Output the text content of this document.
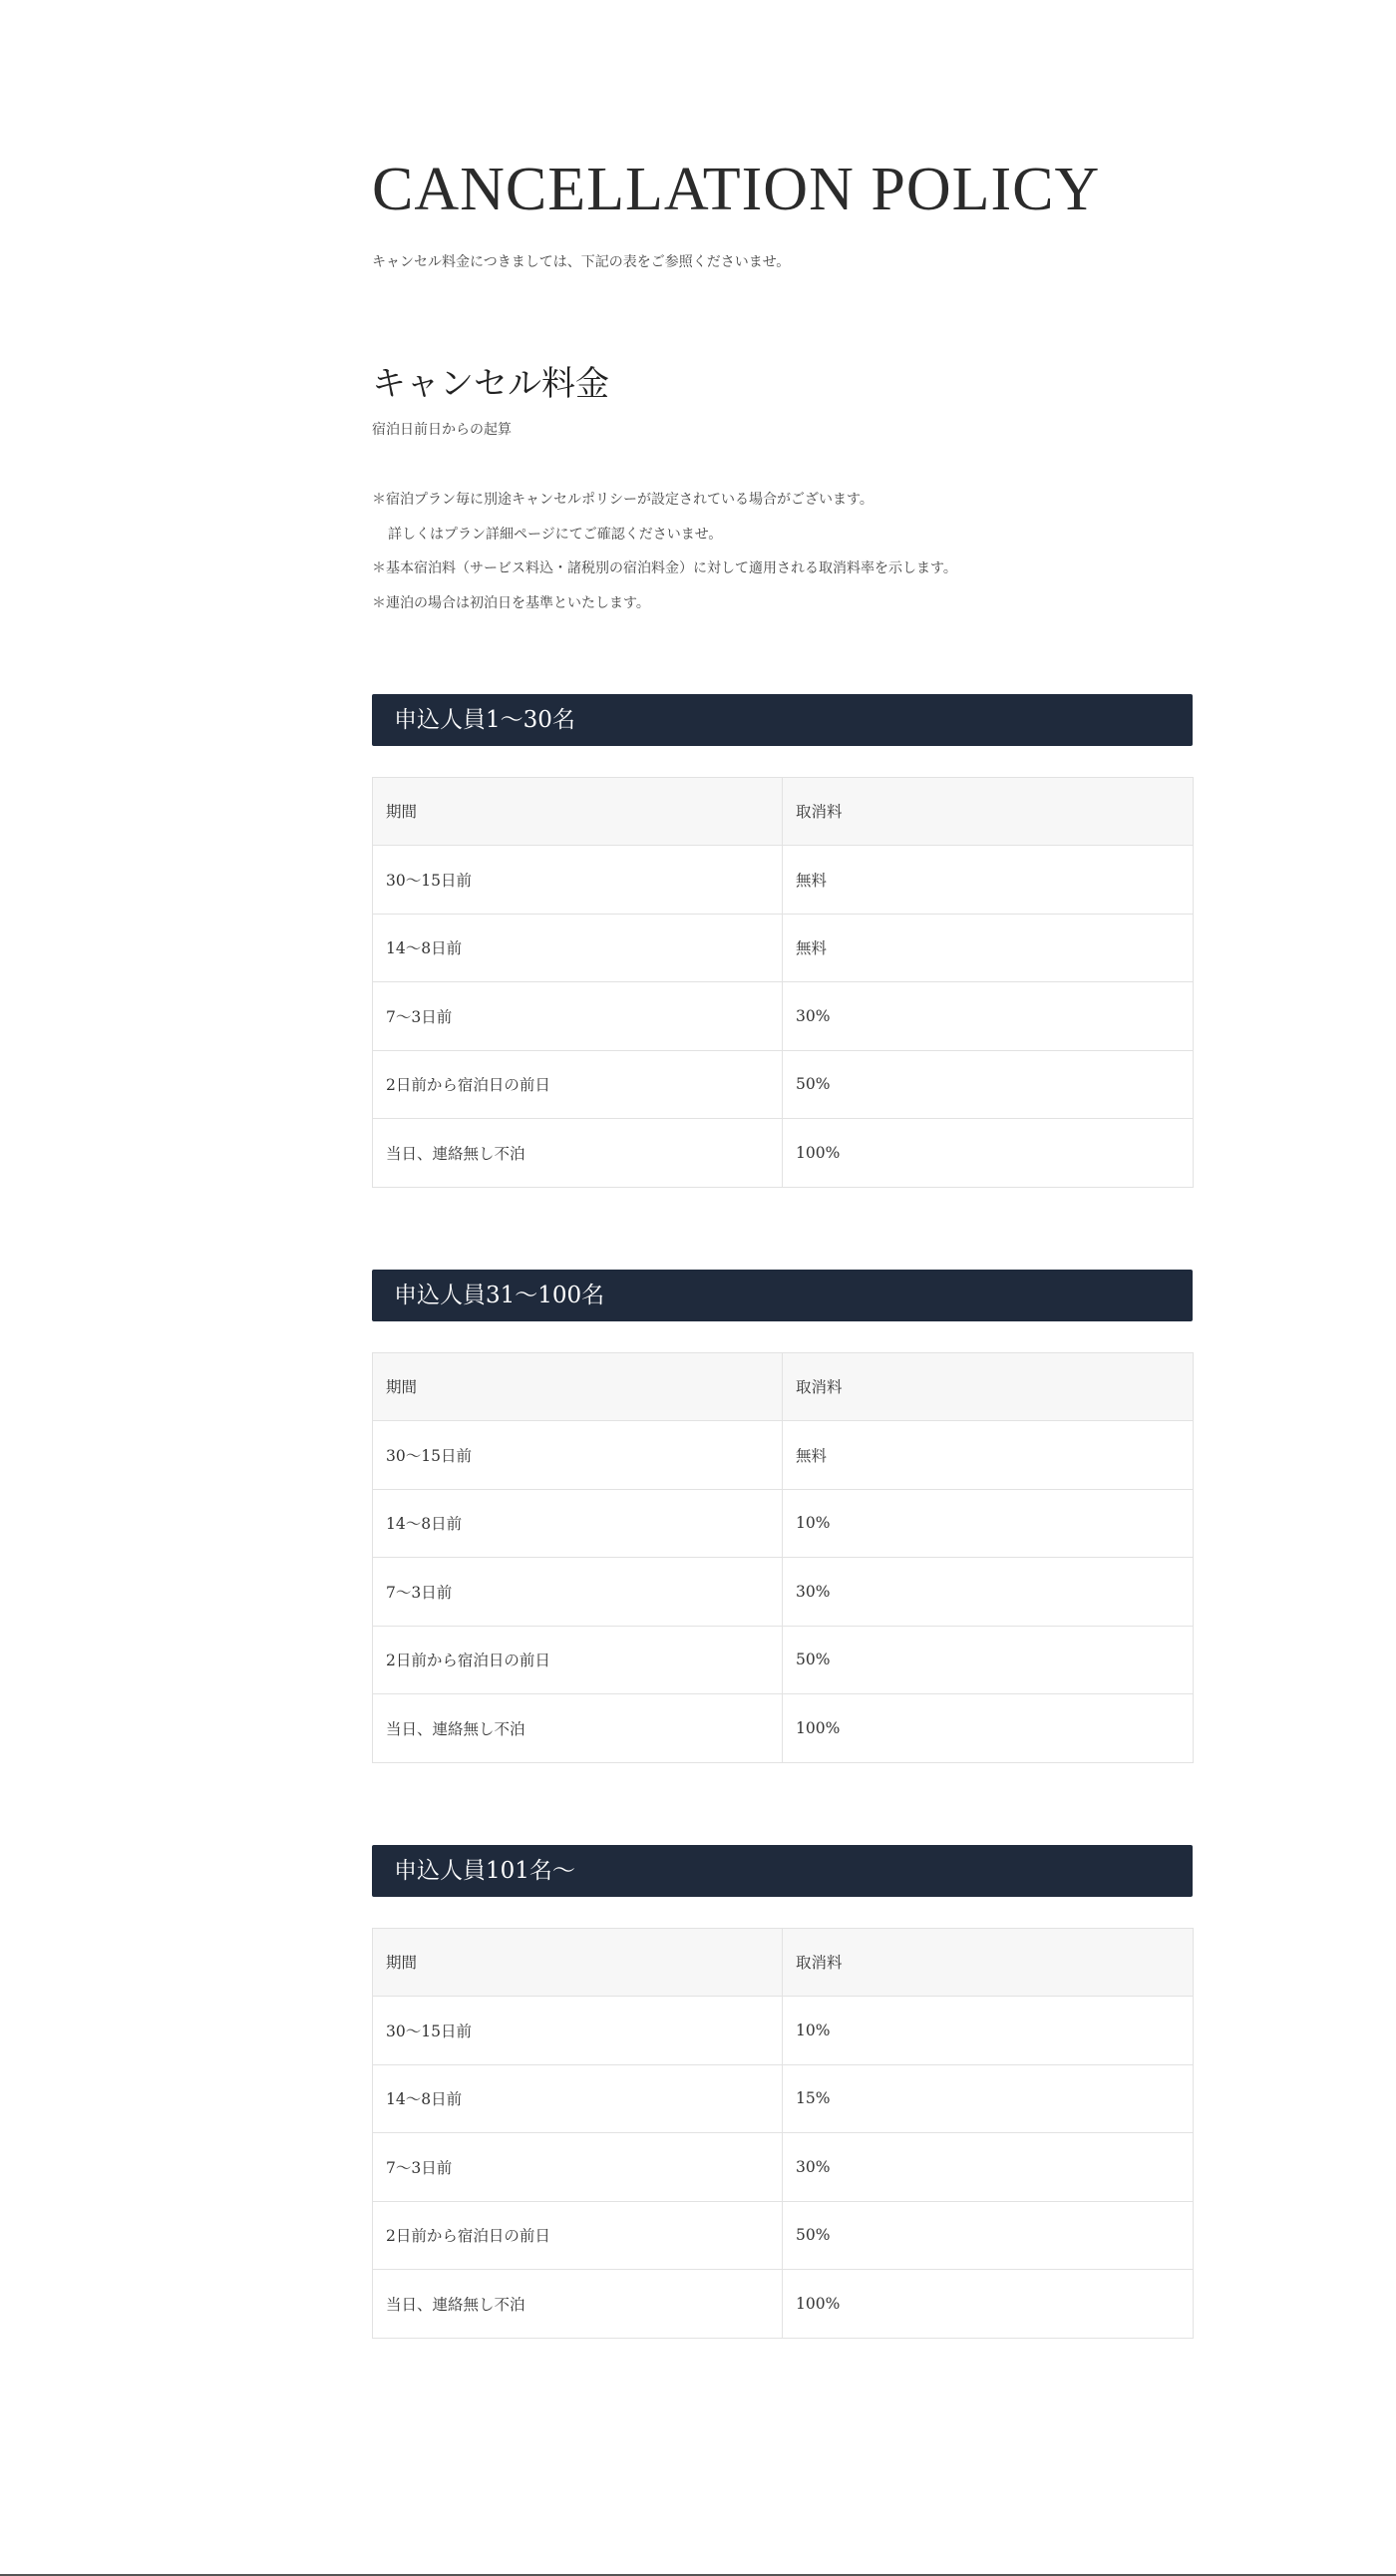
CANCELLATION POLICY

キャンセル料金につきましては、下記の表をご参照くださいませ。

キャンセル料金

宿泊日前日からの起算

＊宿泊プラン毎に別途キャンセルポリシーが設定されている場合がございます。

詳しくはプラン詳細ページにてご確認くださいませ。

＊基本宿泊料（サービス料込・諸税別の宿泊料金）に対して適用される取消料率を示します。

＊連泊の場合は初泊日を基準といたします。

申込人員1〜30名
期間	取消料
30〜15日前	無料
14〜8日前	無料
7〜3日前	30%
2日前から宿泊日の前日	50%
当日、連絡無し不泊	100%
申込人員31〜100名
期間	取消料
30〜15日前	無料
14〜8日前	10%
7〜3日前	30%
2日前から宿泊日の前日	50%
当日、連絡無し不泊	100%
申込人員101名〜
期間	取消料
30〜15日前	10%
14〜8日前	15%
7〜3日前	30%
2日前から宿泊日の前日	50%
当日、連絡無し不泊	100%
